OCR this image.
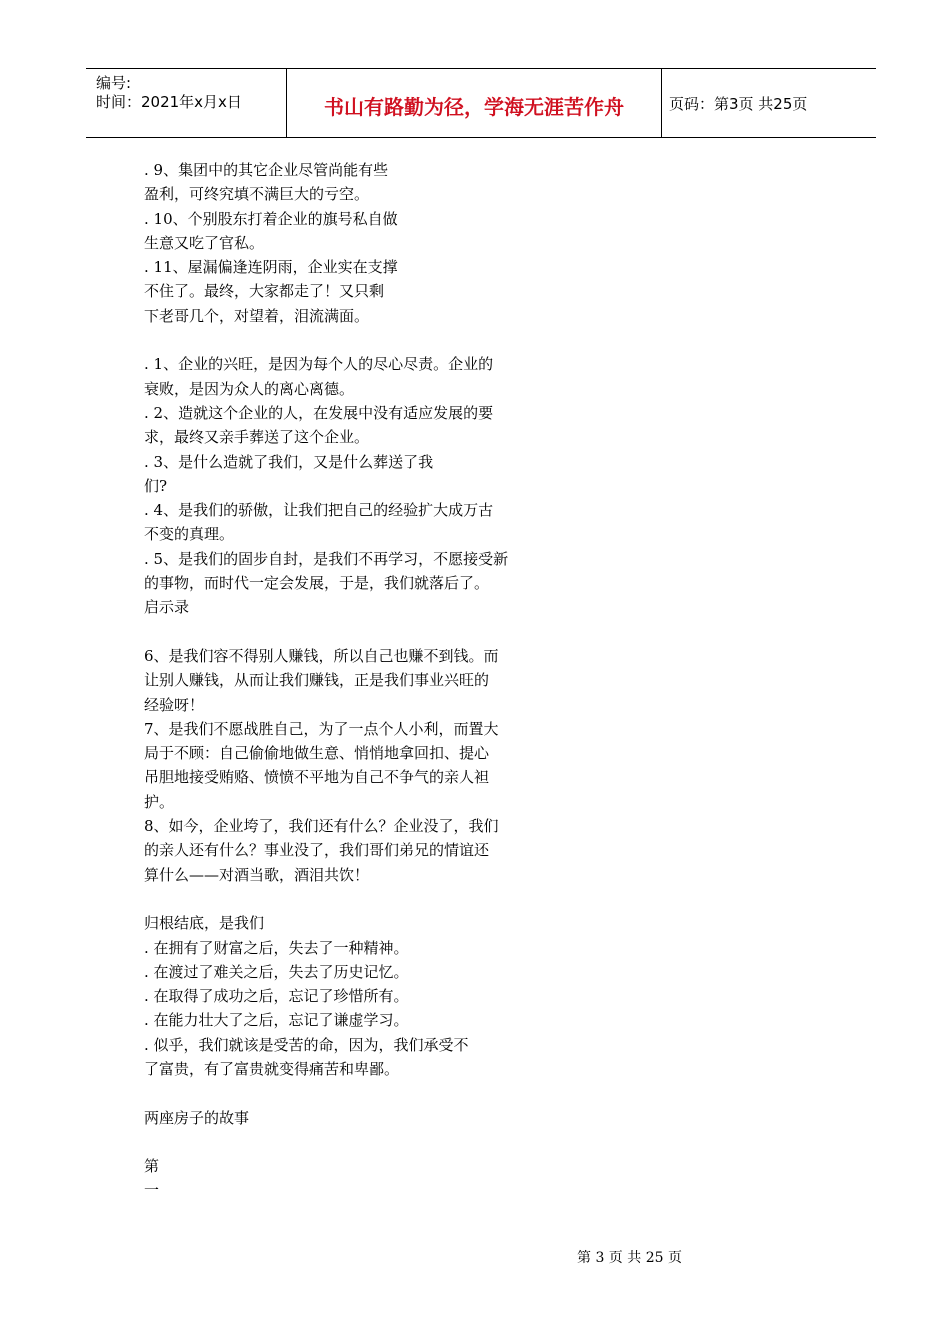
编号:
时间：2021年x月x日	书山有路勤为径，学海无涯苦作舟	页码：第3页 共25页
. 9、集团中的其它企业尽管尚能有些
盈利，可终究填不满巨大的亏空。
. 10、个别股东打着企业的旗号私自做
生意又吃了官私。
. 11、屋漏偏逢连阴雨，企业实在支撑
不住了。最终，大家都走了！又只剩
下老哥几个，对望着，泪流满面。
. 1、企业的兴旺，是因为每个人的尽心尽责。企业的
衰败，是因为众人的离心离德。
. 2、造就这个企业的人，在发展中没有适应发展的要
求，最终又亲手葬送了这个企业。
. 3、是什么造就了我们，又是什么葬送了我
们?
. 4、是我们的骄傲，让我们把自己的经验扩大成万古
不变的真理。
. 5、是我们的固步自封，是我们不再学习，不愿接受新
的事物，而时代一定会发展，于是，我们就落后了。
启示录
6、是我们容不得别人赚钱，所以自己也赚不到钱。而
让别人赚钱，从而让我们赚钱，正是我们事业兴旺的
经验呀！
7、是我们不愿战胜自己，为了一点个人小利，而置大
局于不顾：自己偷偷地做生意、悄悄地拿回扣、提心
吊胆地接受贿赂、愤愤不平地为自己不争气的亲人袒
护。
8、如今，企业垮了，我们还有什么？企业没了，我们
的亲人还有什么？事业没了，我们哥们弟兄的情谊还
算什么——对酒当歌，酒泪共饮！
归根结底，是我们
. 在拥有了财富之后，失去了一种精神。
. 在渡过了难关之后，失去了历史记忆。
. 在取得了成功之后，忘记了珍惜所有。
. 在能力壮大了之后，忘记了谦虚学习。
. 似乎，我们就该是受苦的命，因为，我们承受不
了富贵，有了富贵就变得痛苦和卑鄙。
两座房子的故事
第
一
第 3 页 共 25 页
